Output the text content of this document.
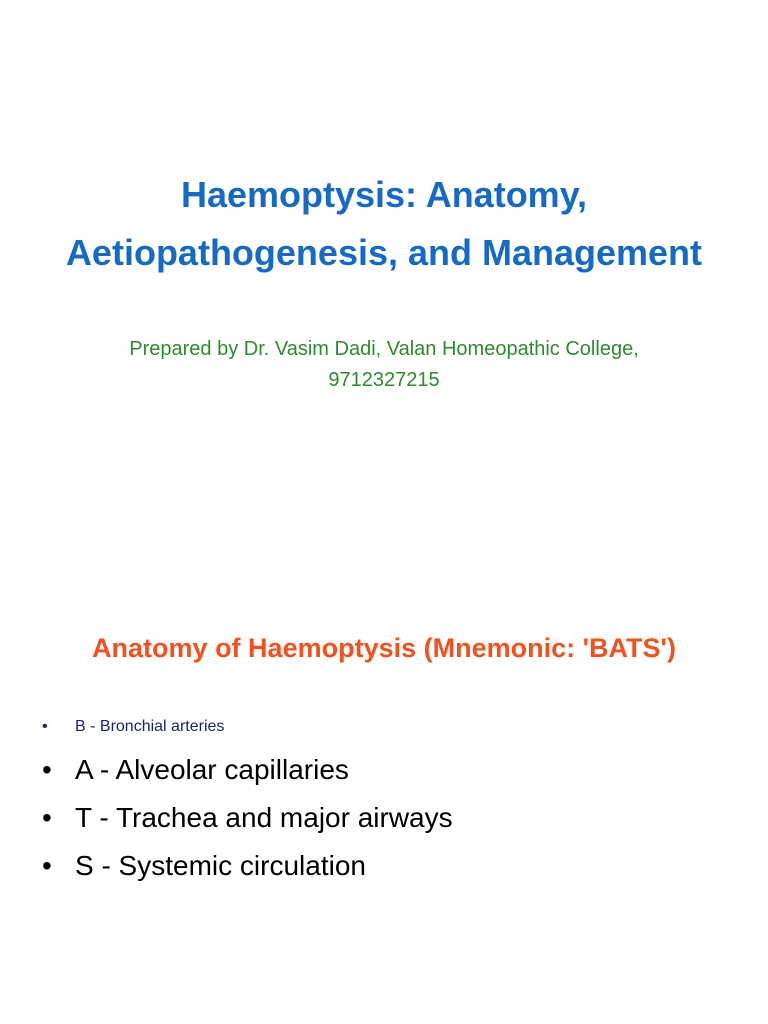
Haemoptysis: Anatomy, Aetiopathogenesis, and Management

Prepared by Dr. Vasim Dadi, Valan Homeopathic College, 9712327215

Anatomy of Haemoptysis (Mnemonic: 'BATS')
• B - Bronchial arteries
• A - Alveolar capillaries
• T - Trachea and major airways
• S - Systemic circulation
